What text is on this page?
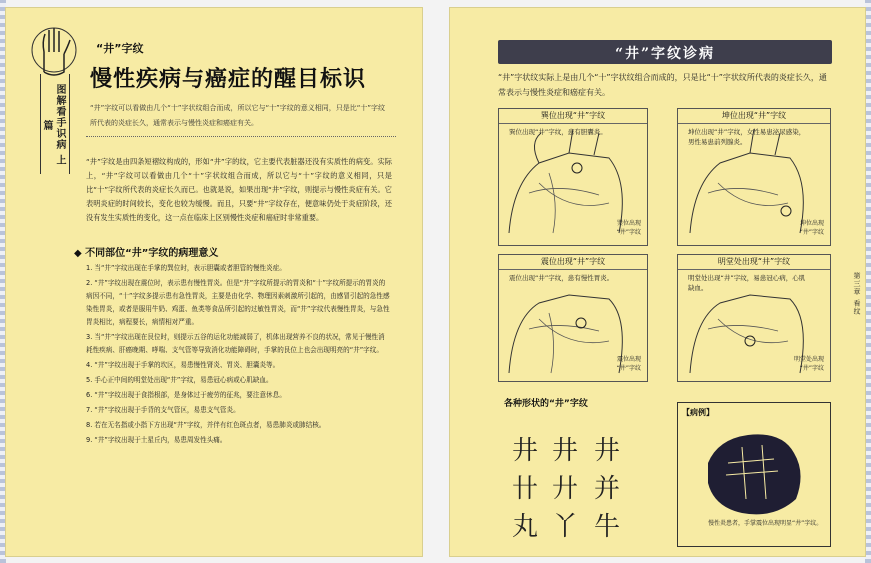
图解看手识病 上篇
“井”字纹
慢性疾病与癌症的醒目标识
“井”字纹可以看做由几个“十”字状纹组合而成，所以它与“十”字纹的意义相同，只是比“十”字纹所代表的炎症长久，通常表示与慢性炎症和癌症有关。
“井”字纹是由四条短褶纹构成的，形如“井”字的纹，它主要代表脏器还没有实质性的病变。实际上，“井”字纹可以看做由几个“十”字状纹组合而成，所以它与“十”字纹的意义相同，只是比“十”字纹所代表的炎症长久而已。也就是说，如果出现“井”字纹，则提示与慢性炎症有关。它表明炎症的时间较长，变化也较为缓慢。而且，只要“井”字纹存在，便意味仍处于炎症阶段，还没有发生实质性的变化，这一点在临床上区别慢性炎症和癌症时非常重要。
◆ 不同部位“井”字纹的病理意义
1. 当“井”字纹出现在手掌的巽位时，表示胆囊或者胆管的慢性炎症。
2. “井”字纹出现在震位时，表示患有慢性胃炎。但是“井”字纹所提示的胃炎和“十”字纹所提示的胃炎的病因不同，“十”字纹多提示患有急性胃炎，主要是由化学、物理因素刺激所引起的，由感冒引起的急性感染性胃炎，或者是服用牛奶、鸡蛋、鱼类等食品所引起的过敏性胃炎，而“井”字纹代表慢性胃炎，与急性胃炎相比，病程要长，病情相对严重。
3. 当“井”字纹出现在艮位时，则提示五谷的运化功能减弱了，机体出现营养不良的状况，常见于慢性消耗性疾病、肝癌晚期、哮喘、支气管等导致消化功能障碍时，手掌的艮位上也会出现明亮的“井”字纹。
4. “井”字纹出现于手掌的坎区，易患慢性肾炎、胃炎、胆囊炎等。
5. 手心正中间的明堂处出现“井”字纹，易患冠心病或心肌缺血。
6. “井”字纹出现于食指根部，是身体过于疲劳的征兆，要注意休息。
7. “井”字纹出现于手背的支气管区，易患支气管炎。
8. 若在无名指或小指下方出现“井”字纹，并伴有红色斑点者，易患肺炎或肺结核。
9. “井”字纹出现于土星丘内，易患周发性头痛。
“井”字纹诊病
“井”字状纹实际上是由几个“十”字状纹组合而成的，只是比“十”字状纹所代表的炎症长久，通常表示与慢性炎症和癌症有关。
巽位出现“井”字纹
巽位出现“井”字纹，患有胆囊炎。
巽位出现
“井”字纹
坤位出现“井”字纹
坤位出现“井”字纹，女性易患泌尿感染，男性易患前列腺炎。
坤位出现
“井”字纹
震位出现“井”字纹
震位出现“井”字纹，患有慢性胃炎。
震位出现
“井”字纹
明堂处出现“井”字纹
明堂处出现“井”字纹，易患冠心病，心肌缺血。
明堂处出现
“井”字纹
各种形状的“井”字纹
井 井 井
卄 廾 并
丸 丫 牛
【病例】
慢性炎患者，手掌震位出现明显“井”字纹。
第三章 看纹
